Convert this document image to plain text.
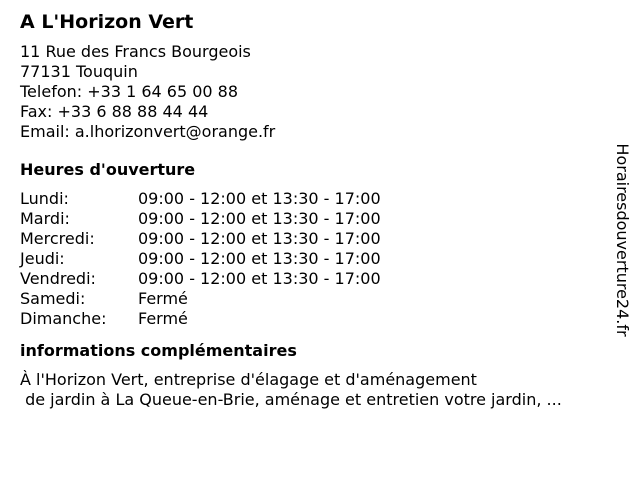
A L'Horizon Vert
11 Rue des Francs Bourgeois
77131 Touquin
Telefon: +33 1 64 65 00 88
Fax: +33 6 88 88 44 44
Email: a.lhorizonvert@orange.fr
Heures d'ouverture
Lundi:	09:00 - 12:00 et 13:30 - 17:00
Mardi:	09:00 - 12:00 et 13:30 - 17:00
Mercredi:	09:00 - 12:00 et 13:30 - 17:00
Jeudi:	09:00 - 12:00 et 13:30 - 17:00
Vendredi:	09:00 - 12:00 et 13:30 - 17:00
Samedi:	Fermé
Dimanche:	Fermé
informations complémentaires
À l'Horizon Vert, entreprise d'élagage et d'aménagement
de jardin à La Queue-en-Brie, aménage et entretien votre jardin, ...
Horairesdouverture24.fr
